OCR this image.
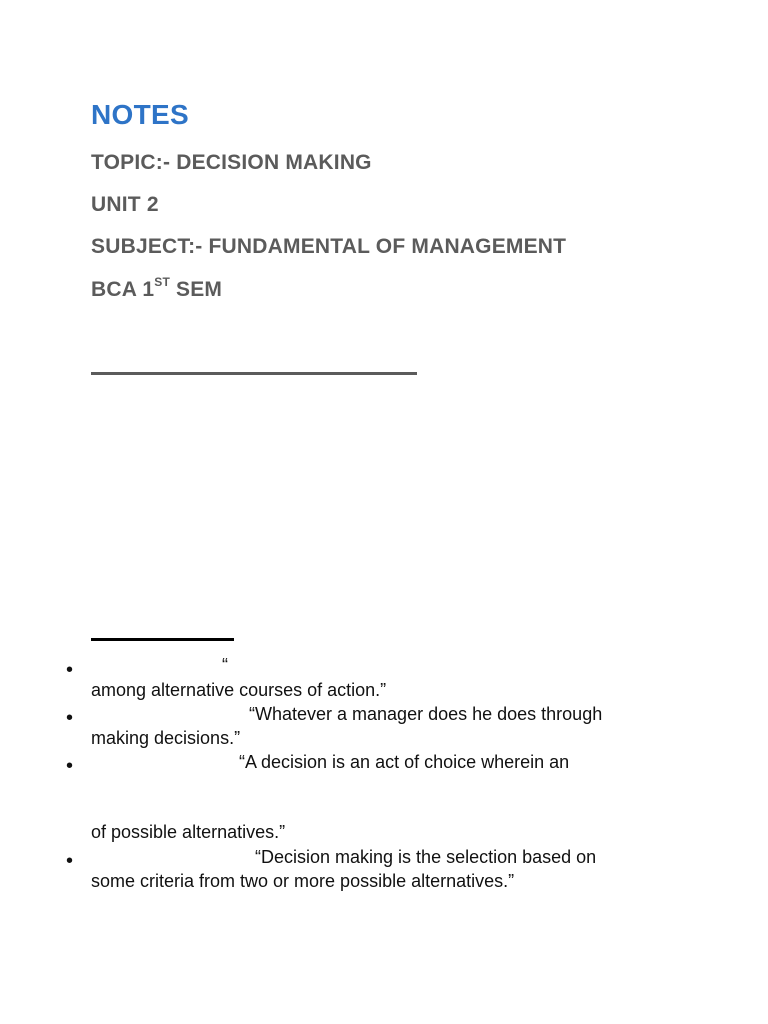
NOTES
TOPIC:- DECISION MAKING
UNIT 2
SUBJECT:- FUNDAMENTAL OF MANAGEMENT
BCA 1ST SEM
•	“
among alternative courses of action.”
•	“Whatever a manager does he does through
making decisions.”
•	“A decision is an act of choice wherein an
of possible alternatives.”
•	“Decision making is the selection based on
some criteria from two or more possible alternatives.”
